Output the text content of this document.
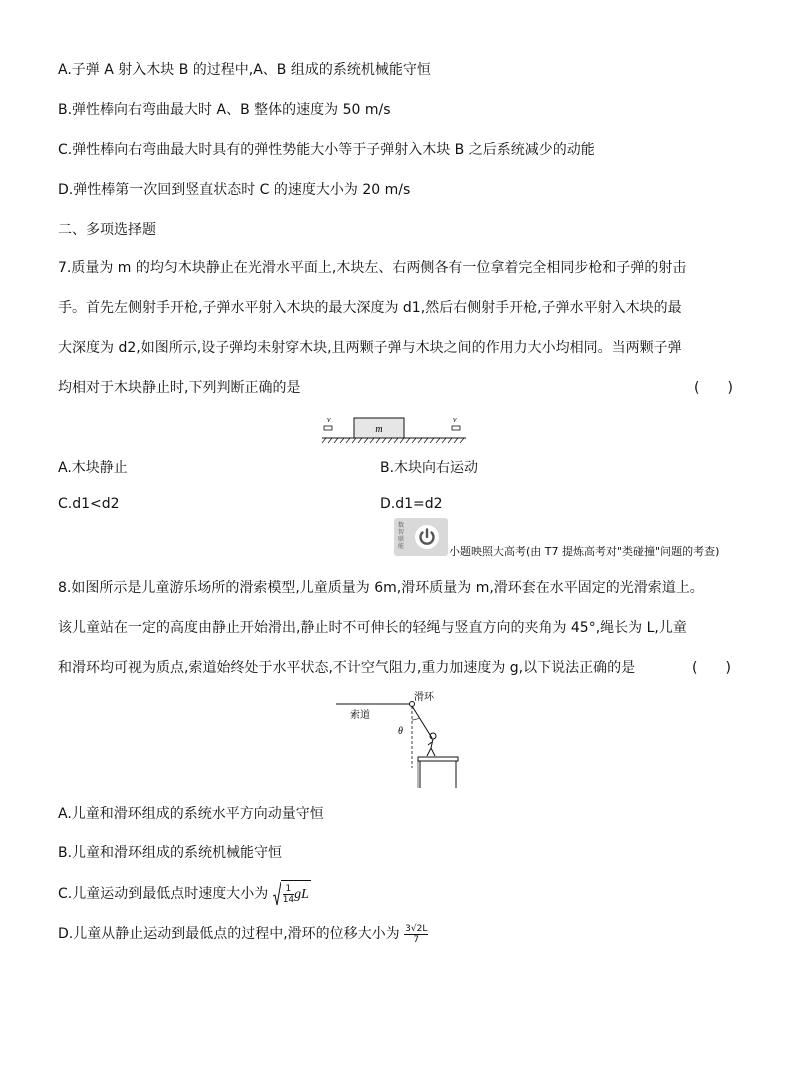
A.子弹 A 射入木块 B 的过程中,A、B 组成的系统机械能守恒
B.弹性棒向右弯曲最大时 A、B 整体的速度为 50 m/s
C.弹性棒向右弯曲最大时具有的弹性势能大小等于子弹射入木块 B 之后系统减少的动能
D.弹性棒第一次回到竖直状态时 C 的速度大小为 20 m/s
二、多项选择题
7.质量为 m 的均匀木块静止在光滑水平面上,木块左、右两侧各有一位拿着完全相同步枪和子弹的射击
手。首先左侧射手开枪,子弹水平射入木块的最大深度为 d1,然后右侧射手开枪,子弹水平射入木块的最
大深度为 d2,如图所示,设子弹均未射穿木块,且两颗子弹与木块之间的作用力大小均相同。当两颗子弹
均相对于木块静止时,下列判断正确的是	(　　)
m
v	v
A.木块静止	B.木块向右运动
C.d1<d2	D.d1=d2
数智联能	小题映照大高考(由 T7 提炼高考对"类碰撞"问题的考查)
8.如图所示是儿童游乐场所的滑索模型,儿童质量为 6m,滑环质量为 m,滑环套在水平固定的光滑索道上。
该儿童站在一定的高度由静止开始滑出,静止时不可伸长的轻绳与竖直方向的夹角为 45°,绳长为 L,儿童
和滑环均可视为质点,索道始终处于水平状态,不计空气阻力,重力加速度为 g,以下说法正确的是	(　　)
滑环
索道
θ
A.儿童和滑环组成的系统水平方向动量守恒
B.儿童和滑环组成的系统机械能守恒
C.儿童运动到最低点时速度大小为 $\frac{1}{14}$ gL
D.儿童从静止运动到最低点的过程中,滑环的位移大小为 $\frac{3√2L}{7}$
